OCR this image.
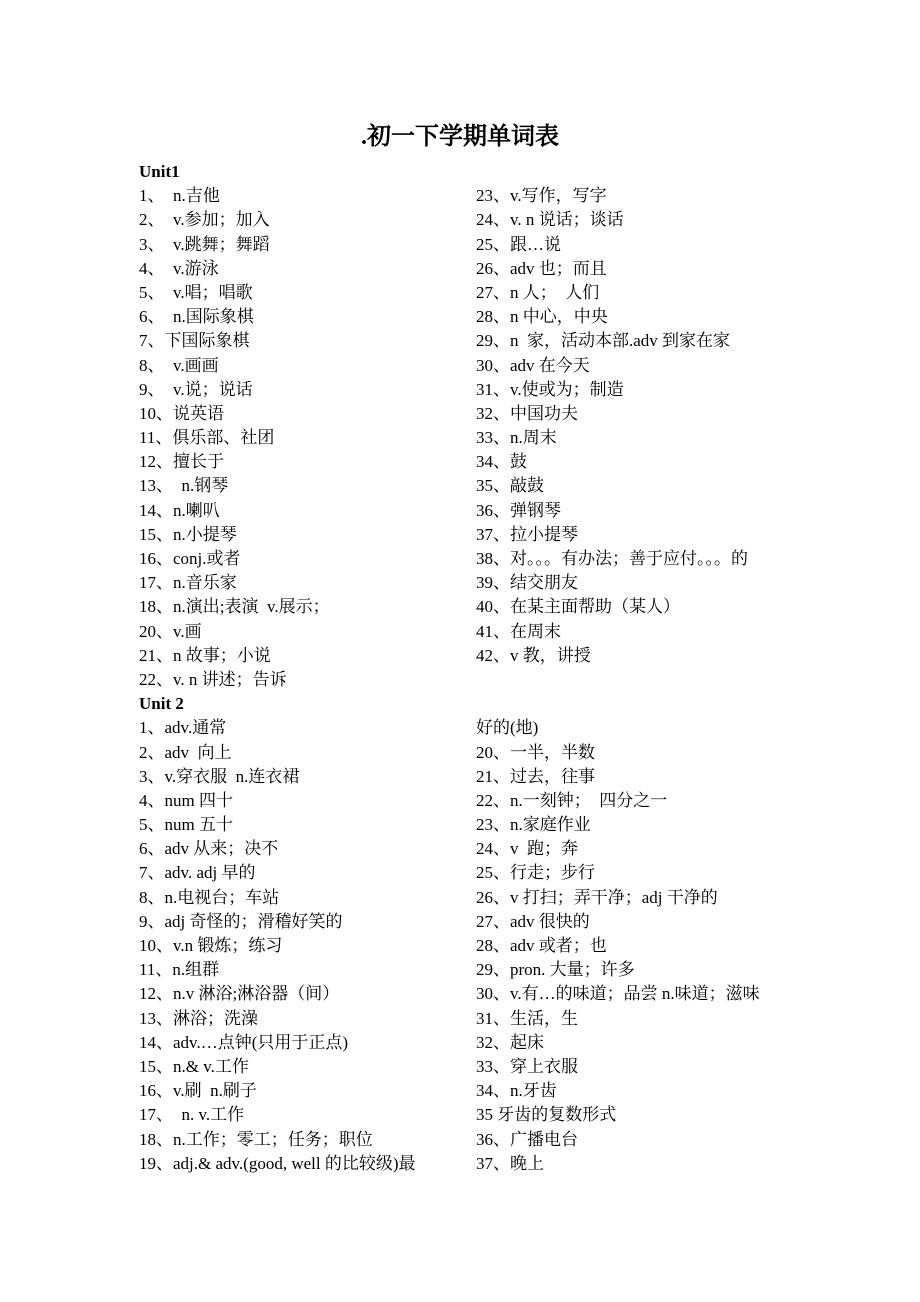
.初一下学期单词表
Unit1
1、  n.吉他
2、  v.参加；加入
3、  v.跳舞；舞蹈
4、  v.游泳
5、  v.唱；唱歌
6、  n.国际象棋
7、下国际象棋
8、  v.画画
9、  v.说；说话
10、说英语
11、俱乐部、社团
12、擅长于
13、  n.钢琴
14、n.喇叭
15、n.小提琴
16、conj.或者
17、n.音乐家
18、n.演出;表演  v.展示；
20、v.画
21、n 故事；小说
22、v. n 讲述；告诉
23、v.写作，写字
24、v. n 说话；谈话
25、跟…说
26、adv 也；而且
27、n 人；  人们
28、n 中心，中央
29、n  家，活动本部.adv 到家在家
30、adv 在今天
31、v.使或为；制造
32、中国功夫
33、n.周末
34、鼓
35、敲鼓
36、弹钢琴
37、拉小提琴
38、对。。。有办法；善于应付。。。的
39、结交朋友
40、在某主面帮助（某人）
41、在周末
42、v 教，讲授
Unit 2
1、adv.通常
2、adv  向上
3、v.穿衣服  n.连衣裙
4、num 四十
5、num 五十
6、adv 从来；决不
7、adv. adj 早的
8、n.电视台；车站
9、adj 奇怪的；滑稽好笑的
10、v.n 锻炼；练习
11、n.组群
12、n.v 淋浴;淋浴器（间）
13、淋浴；洗澡
14、adv.…点钟(只用于正点)
15、n.& v.工作
16、v.刷  n.刷子
17、  n. v.工作
18、n.工作；零工；任务；职位
19、adj.& adv.(good, well 的比较级)最
好的(地)
20、一半，半数
21、过去，往事
22、n.一刻钟；  四分之一
23、n.家庭作业
24、v  跑；奔
25、行走；步行
26、v 打扫；弄干净；adj 干净的
27、adv 很快的
28、adv 或者；也
29、pron. 大量；许多
30、v.有…的味道；品尝 n.味道；滋味
31、生活，生
32、起床
33、穿上衣服
34、n.牙齿
35 牙齿的复数形式
36、广播电台
37、晚上
